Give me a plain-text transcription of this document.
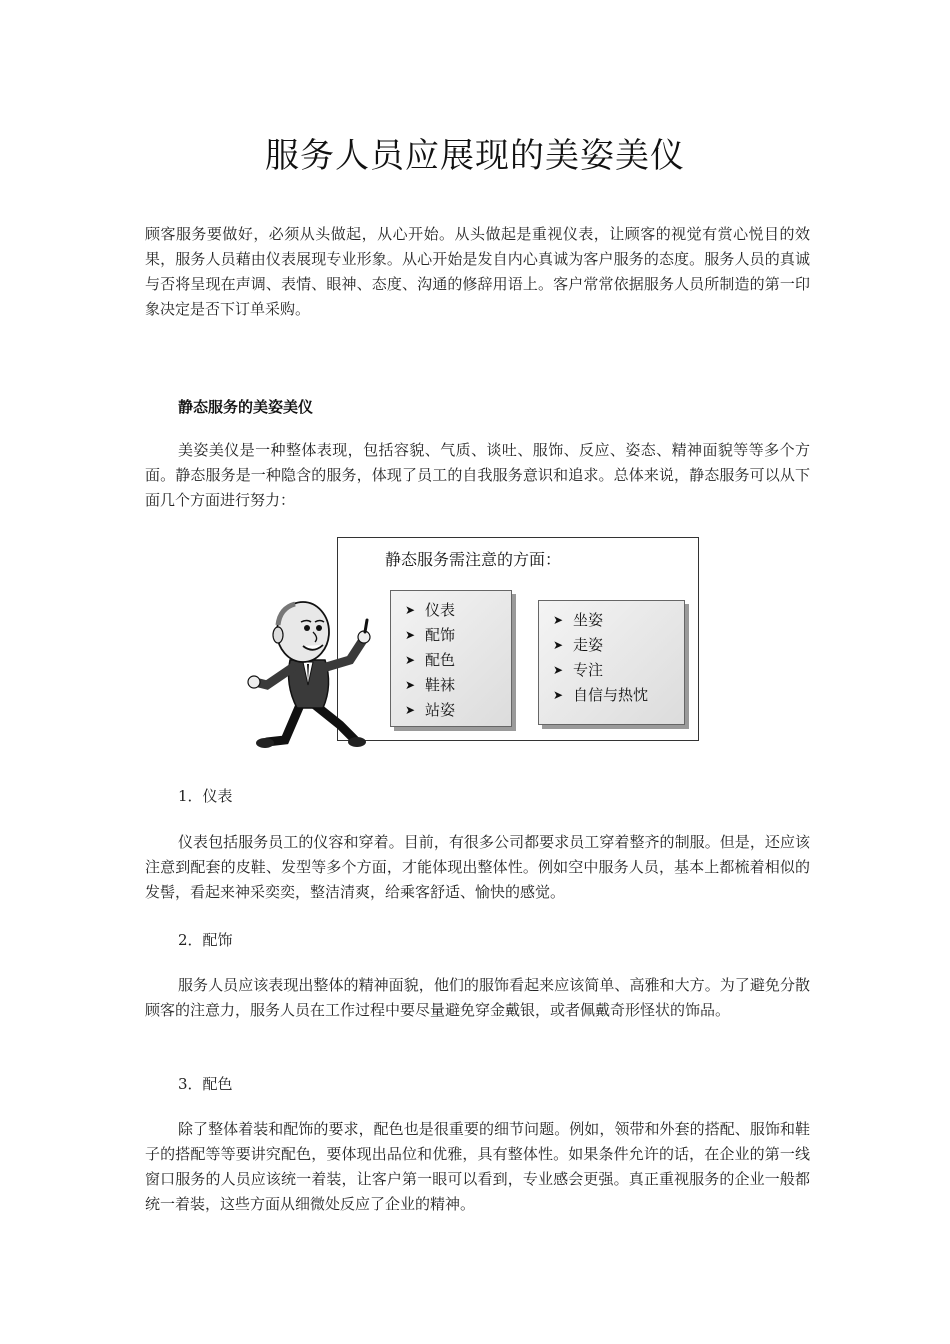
服务人员应展现的美姿美仪

顾客服务要做好，必须从头做起，从心开始。从头做起是重视仪表，让顾客的视觉有赏心悦目的效果，服务人员藉由仪表展现专业形象。从心开始是发自内心真诚为客户服务的态度。服务人员的真诚与否将呈现在声调、表情、眼神、态度、沟通的修辞用语上。客户常常依据服务人员所制造的第一印象决定是否下订单采购。

静态服务的美姿美仪

美姿美仪是一种整体表现，包括容貌、气质、谈吐、服饰、反应、姿态、精神面貌等等多个方面。静态服务是一种隐含的服务，体现了员工的自我服务意识和追求。总体来说，静态服务可以从下面几个方面进行努力：

静态服务需注意的方面：
➤ 仪表
➤ 配饰
➤ 配色
➤ 鞋袜
➤ 站姿
➤ 坐姿
➤ 走姿
➤ 专注
➤ 自信与热忱
1．仪表

仪表包括服务员工的仪容和穿着。目前，有很多公司都要求员工穿着整齐的制服。但是，还应该注意到配套的皮鞋、发型等多个方面，才能体现出整体性。例如空中服务人员，基本上都梳着相似的发髻，看起来神采奕奕，整洁清爽，给乘客舒适、愉快的感觉。

2．配饰

服务人员应该表现出整体的精神面貌，他们的服饰看起来应该简单、高雅和大方。为了避免分散顾客的注意力，服务人员在工作过程中要尽量避免穿金戴银，或者佩戴奇形怪状的饰品。

3．配色

除了整体着装和配饰的要求，配色也是很重要的细节问题。例如，领带和外套的搭配、服饰和鞋子的搭配等等要讲究配色，要体现出品位和优雅，具有整体性。如果条件允许的话，在企业的第一线窗口服务的人员应该统一着装，让客户第一眼可以看到，专业感会更强。真正重视服务的企业一般都统一着装，这些方面从细微处反应了企业的精神。
